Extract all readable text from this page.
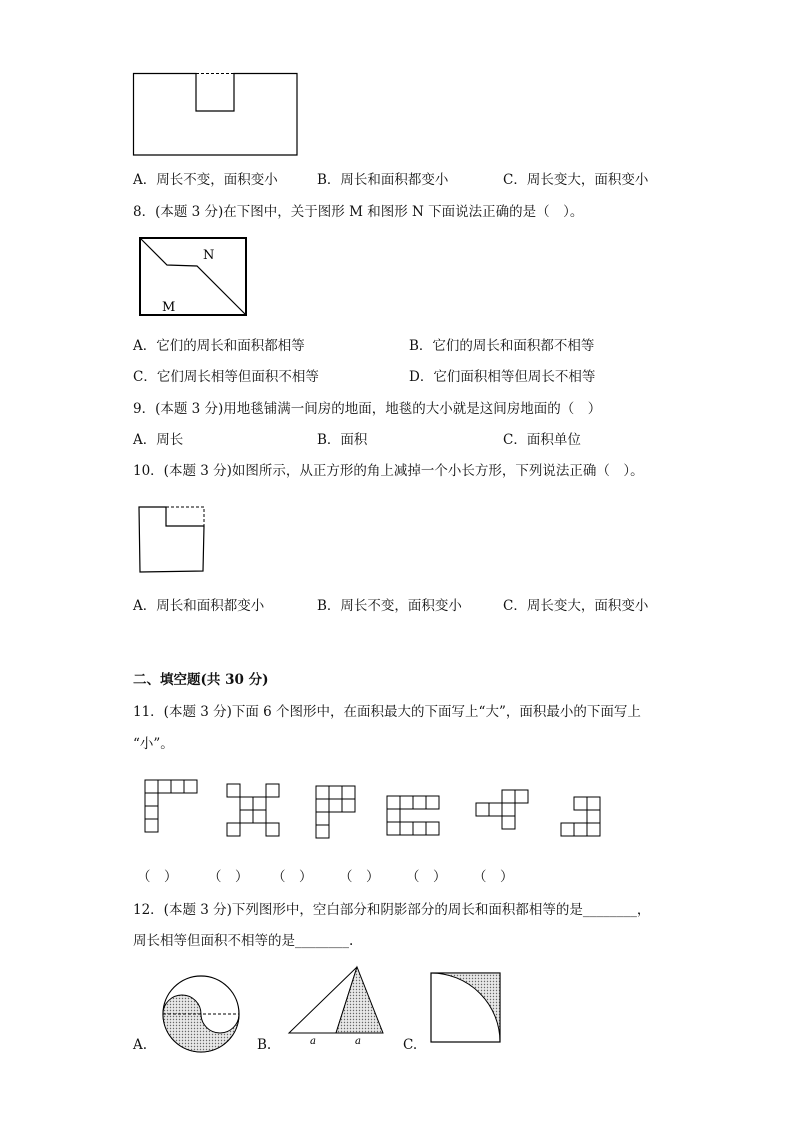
A．周长不变，面积变小	B．周长和面积都变小	C．周长变大，面积变小
8．(本题 3 分)在下图中，关于图形 M 和图形 N 下面说法正确的是（　）。
N
M
A．它们的周长和面积都相等	B．它们的周长和面积都不相等
C．它们周长相等但面积不相等	D．它们面积相等但周长不相等
9．(本题 3 分)用地毯铺满一间房的地面，地毯的大小就是这间房地面的（　）
A．周长	B．面积	C．面积单位
10．(本题 3 分)如图所示，从正方形的角上减掉一个小长方形，下列说法正确（　）。
A．周长和面积都变小	B．周长不变，面积变小	C．周长变大，面积变小
二、填空题(共 30 分)
11．(本题 3 分)下面 6 个图形中，在面积最大的下面写上“大”，面积最小的下面写上
“小”。
（　） （　） （　） （　） （　） （　）
12．(本题 3 分)下列图形中，空白部分和阴影部分的周长和面积都相等的是________，
周长相等但面积不相等的是________.
A.	a	a
B.	C.
